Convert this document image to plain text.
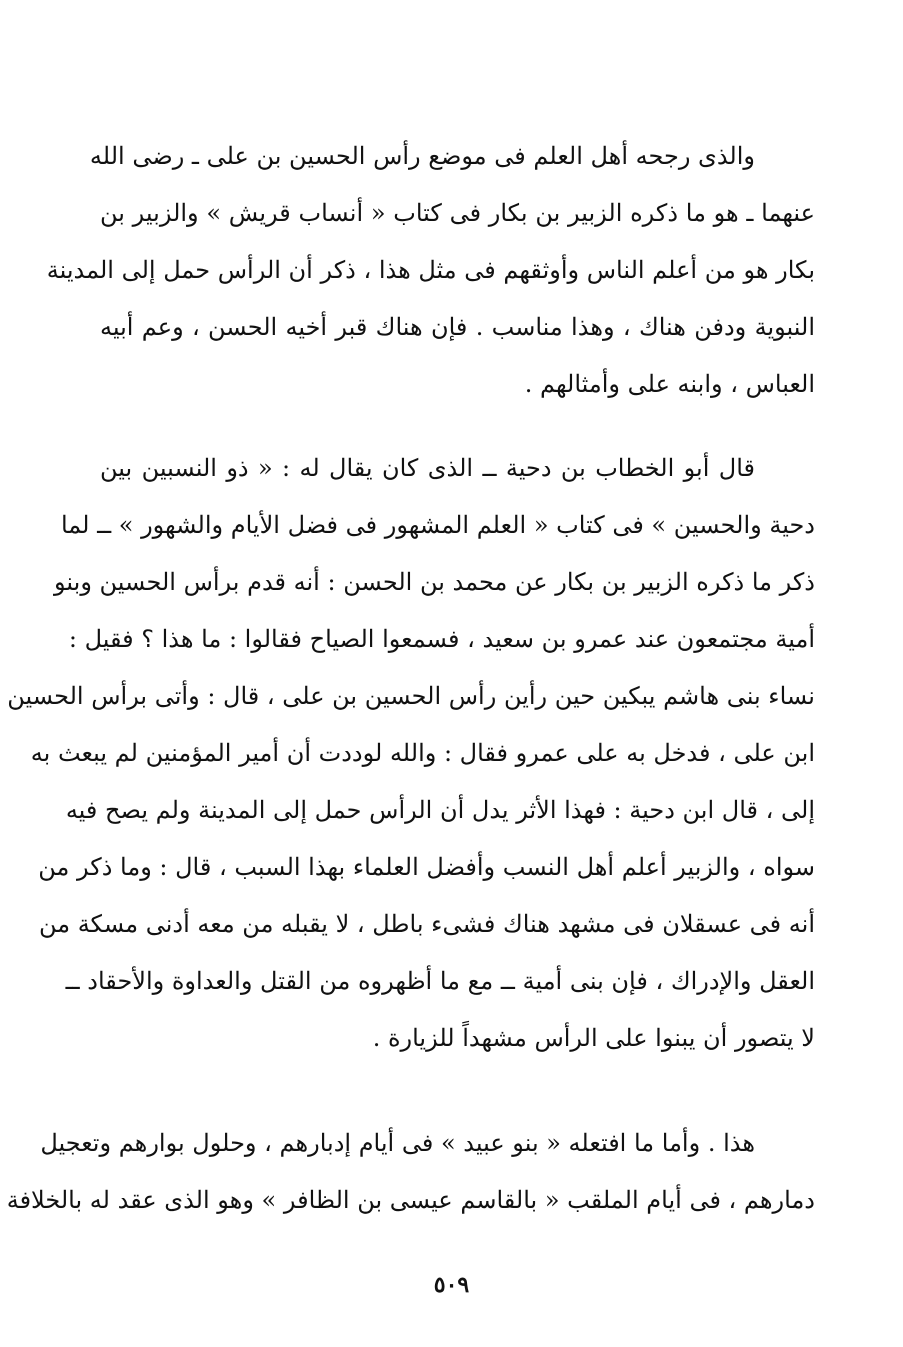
والذى رجحه أهل العلم فى موضع رأس الحسين بن على ـ رضى الله
عنهما ـ هو ما ذكره الزبير بن بكار فى كتاب « أنساب قريش » والزبير بن
بكار هو من أعلم الناس وأوثقهم فى مثل هذا ، ذكر أن الرأس حمل إلى المدينة
النبوية ودفن هناك ، وهذا مناسب . فإن هناك قبر أخيه الحسن ، وعم أبيه
العباس ، وابنه على وأمثالهم .
قال أبو الخطاب بن دحية ــ الذى كان يقال له : « ذو النسبين بين
دحية والحسين » فى كتاب « العلم المشهور فى فضل الأيام والشهور » ــ لما
ذكر ما ذكره الزبير بن بكار عن محمد بن الحسن : أنه قدم برأس الحسين وبنو
أمية مجتمعون عند عمرو بن سعيد ، فسمعوا الصياح فقالوا : ما هذا ؟ فقيل :
نساء بنى هاشم يبكين حين رأين رأس الحسين بن على ، قال : وأتى برأس الحسين
ابن على ، فدخل به على عمرو فقال : والله لوددت أن أمير المؤمنين لم يبعث به
إلى ، قال ابن دحية : فهذا الأثر يدل أن الرأس حمل إلى المدينة ولم يصح فيه
سواه ، والزبير أعلم أهل النسب وأفضل العلماء بهذا السبب ، قال : وما ذكر من
أنه فى عسقلان فى مشهد هناك فشىء باطل ، لا يقبله من معه أدنى مسكة من
العقل والإدراك ، فإن بنى أمية ــ مع ما أظهروه من القتل والعداوة والأحقاد ــ
لا يتصور أن يبنوا على الرأس مشهداً للزيارة .
هذا . وأما ما افتعله « بنو عبيد » فى أيام إدبارهم ، وحلول بوارهم وتعجيل
دمارهم ، فى أيام الملقب « بالقاسم عيسى بن الظافر » وهو الذى عقد له بالخلافة
٥٠٩
